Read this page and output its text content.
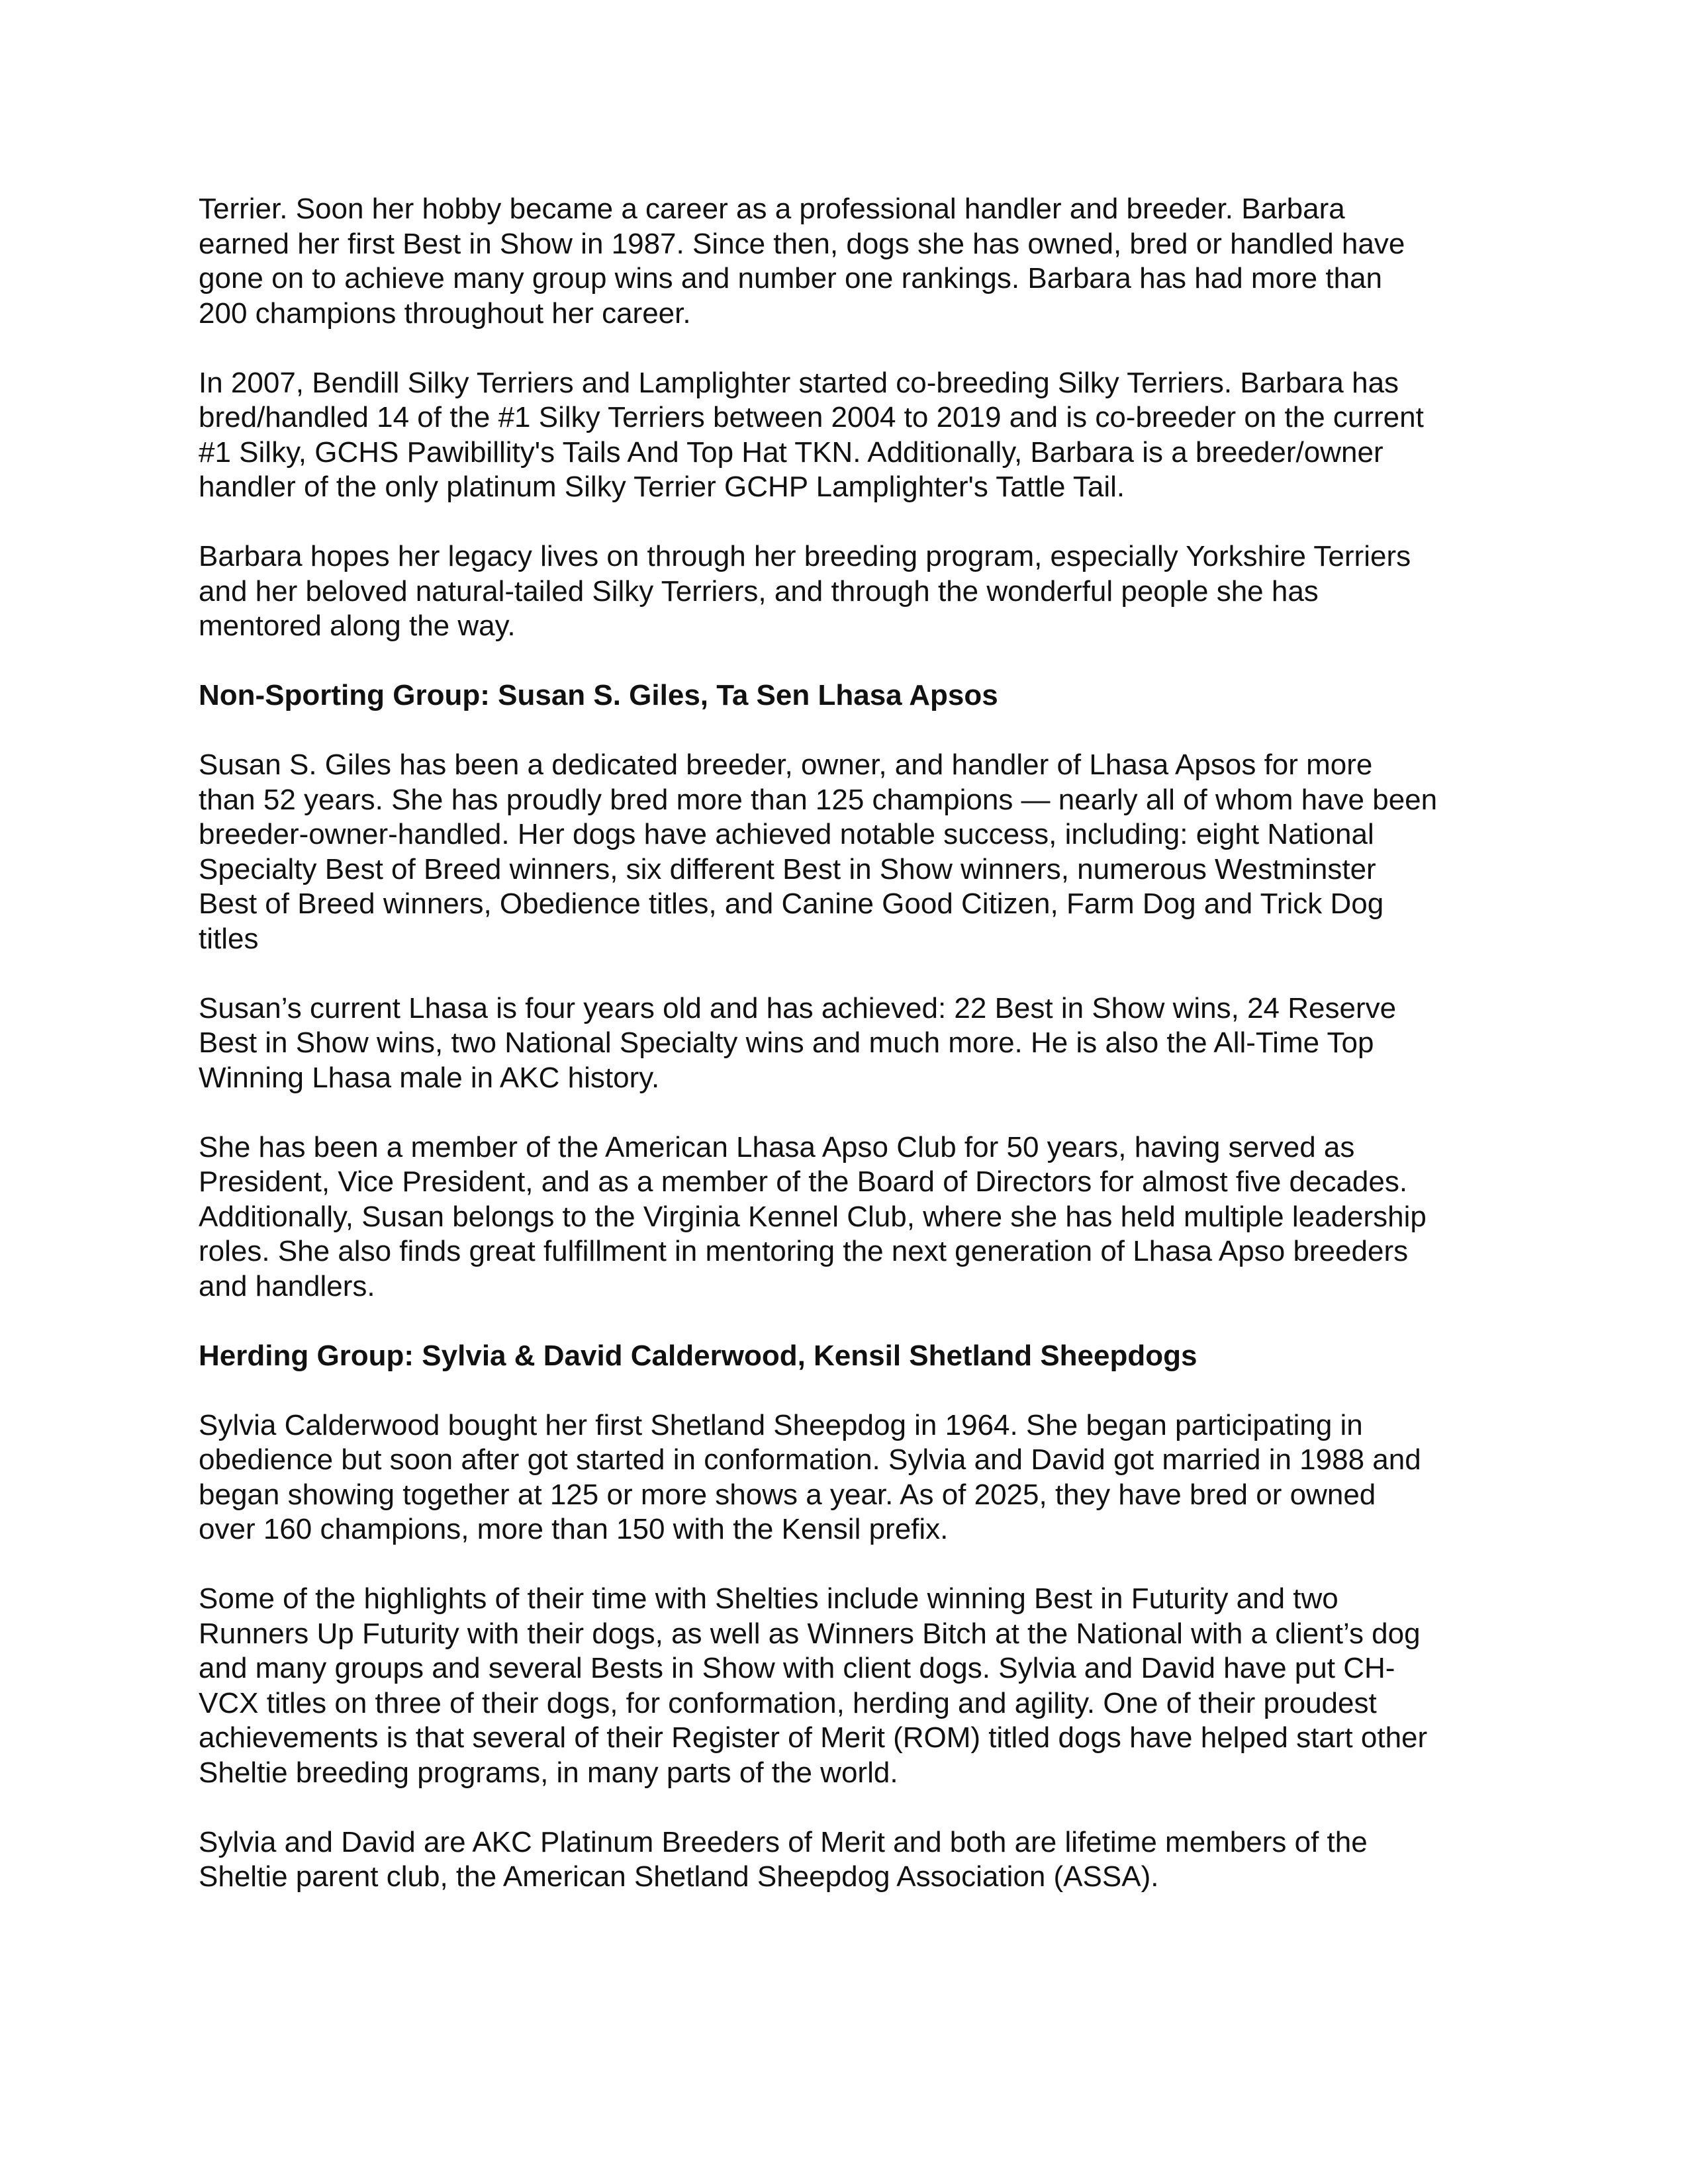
Terrier. Soon her hobby became a career as a professional handler and breeder. Barbara
earned her first Best in Show in 1987. Since then, dogs she has owned, bred or handled have
gone on to achieve many group wins and number one rankings. Barbara has had more than
200 champions throughout her career.

In 2007, Bendill Silky Terriers and Lamplighter started co-breeding Silky Terriers. Barbara has
bred/handled 14 of the #1 Silky Terriers between 2004 to 2019 and is co-breeder on the current
#1 Silky, GCHS Pawibillity's Tails And Top Hat TKN. Additionally, Barbara is a breeder/owner
handler of the only platinum Silky Terrier GCHP Lamplighter's Tattle Tail.

Barbara hopes her legacy lives on through her breeding program, especially Yorkshire Terriers
and her beloved natural-tailed Silky Terriers, and through the wonderful people she has
mentored along the way.

Non-Sporting Group: Susan S. Giles, Ta Sen Lhasa Apsos

Susan S. Giles has been a dedicated breeder, owner, and handler of Lhasa Apsos for more
than 52 years. She has proudly bred more than 125 champions — nearly all of whom have been
breeder-owner-handled. Her dogs have achieved notable success, including: eight National
Specialty Best of Breed winners, six different Best in Show winners, numerous Westminster
Best of Breed winners, Obedience titles, and Canine Good Citizen, Farm Dog and Trick Dog
titles

Susan’s current Lhasa is four years old and has achieved: 22 Best in Show wins, 24 Reserve
Best in Show wins, two National Specialty wins and much more. He is also the All-Time Top
Winning Lhasa male in AKC history.

She has been a member of the American Lhasa Apso Club for 50 years, having served as
President, Vice President, and as a member of the Board of Directors for almost five decades.
Additionally, Susan belongs to the Virginia Kennel Club, where she has held multiple leadership
roles. She also finds great fulfillment in mentoring the next generation of Lhasa Apso breeders
and handlers.

Herding Group: Sylvia & David Calderwood, Kensil Shetland Sheepdogs

Sylvia Calderwood bought her first Shetland Sheepdog in 1964. She began participating in
obedience but soon after got started in conformation. Sylvia and David got married in 1988 and
began showing together at 125 or more shows a year. As of 2025, they have bred or owned
over 160 champions, more than 150 with the Kensil prefix.

Some of the highlights of their time with Shelties include winning Best in Futurity and two
Runners Up Futurity with their dogs, as well as Winners Bitch at the National with a client’s dog
and many groups and several Bests in Show with client dogs. Sylvia and David have put CH-
VCX titles on three of their dogs, for conformation, herding and agility. One of their proudest
achievements is that several of their Register of Merit (ROM) titled dogs have helped start other
Sheltie breeding programs, in many parts of the world.

Sylvia and David are AKC Platinum Breeders of Merit and both are lifetime members of the
Sheltie parent club, the American Shetland Sheepdog Association (ASSA).
